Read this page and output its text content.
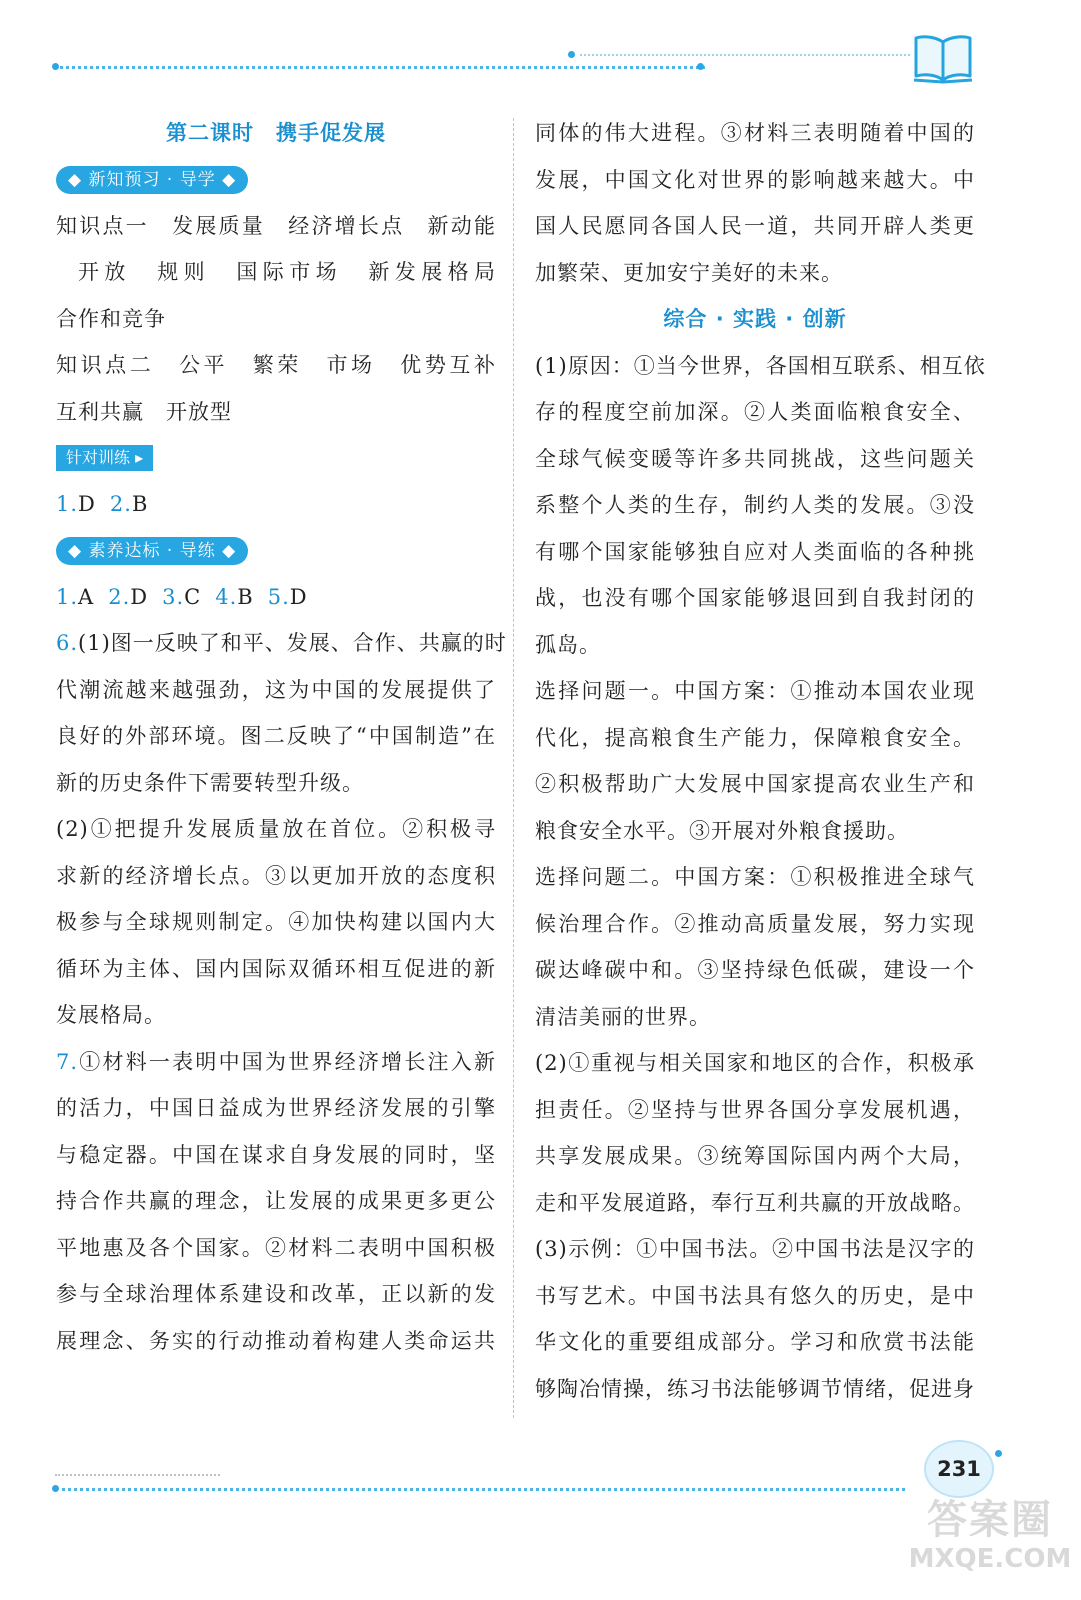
第二课时　携手促发展
◆ 新知预习 · 导学 ◆
知识点一　发展质量　经济增长点　新动能
开放　规则　国际市场　新发展格局
合作和竞争
知识点二　公平　繁荣　市场　优势互补
互利共赢　开放型
针对训练 ▸
1.D 2.B
◆ 素养达标 · 导练 ◆
1.A 2.D 3.C 4.B 5.D
6.(1)图一反映了和平、发展、合作、共赢的时
代潮流越来越强劲，这为中国的发展提供了
良好的外部环境。图二反映了“中国制造”在
新的历史条件下需要转型升级。
(2)①把提升发展质量放在首位。②积极寻
求新的经济增长点。③以更加开放的态度积
极参与全球规则制定。④加快构建以国内大
循环为主体、国内国际双循环相互促进的新
发展格局。
7.①材料一表明中国为世界经济增长注入新
的活力，中国日益成为世界经济发展的引擎
与稳定器。中国在谋求自身发展的同时，坚
持合作共赢的理念，让发展的成果更多更公
平地惠及各个国家。②材料二表明中国积极
参与全球治理体系建设和改革，正以新的发
展理念、务实的行动推动着构建人类命运共
同体的伟大进程。③材料三表明随着中国的
发展，中国文化对世界的影响越来越大。中
国人民愿同各国人民一道，共同开辟人类更
加繁荣、更加安宁美好的未来。
综合 · 实践 · 创新
(1)原因：①当今世界，各国相互联系、相互依
存的程度空前加深。②人类面临粮食安全、
全球气候变暖等许多共同挑战，这些问题关
系整个人类的生存，制约人类的发展。③没
有哪个国家能够独自应对人类面临的各种挑
战，也没有哪个国家能够退回到自我封闭的
孤岛。
选择问题一。中国方案：①推动本国农业现
代化，提高粮食生产能力，保障粮食安全。
②积极帮助广大发展中国家提高农业生产和
粮食安全水平。③开展对外粮食援助。
选择问题二。中国方案：①积极推进全球气
候治理合作。②推动高质量发展，努力实现
碳达峰碳中和。③坚持绿色低碳，建设一个
清洁美丽的世界。
(2)①重视与相关国家和地区的合作，积极承
担责任。②坚持与世界各国分享发展机遇，
共享发展成果。③统筹国际国内两个大局，
走和平发展道路，奉行互利共赢的开放战略。
(3)示例：①中国书法。②中国书法是汉字的
书写艺术。中国书法具有悠久的历史，是中
华文化的重要组成部分。学习和欣赏书法能
够陶冶情操，练习书法能够调节情绪，促进身
231
答案圈
MXQE.COM
